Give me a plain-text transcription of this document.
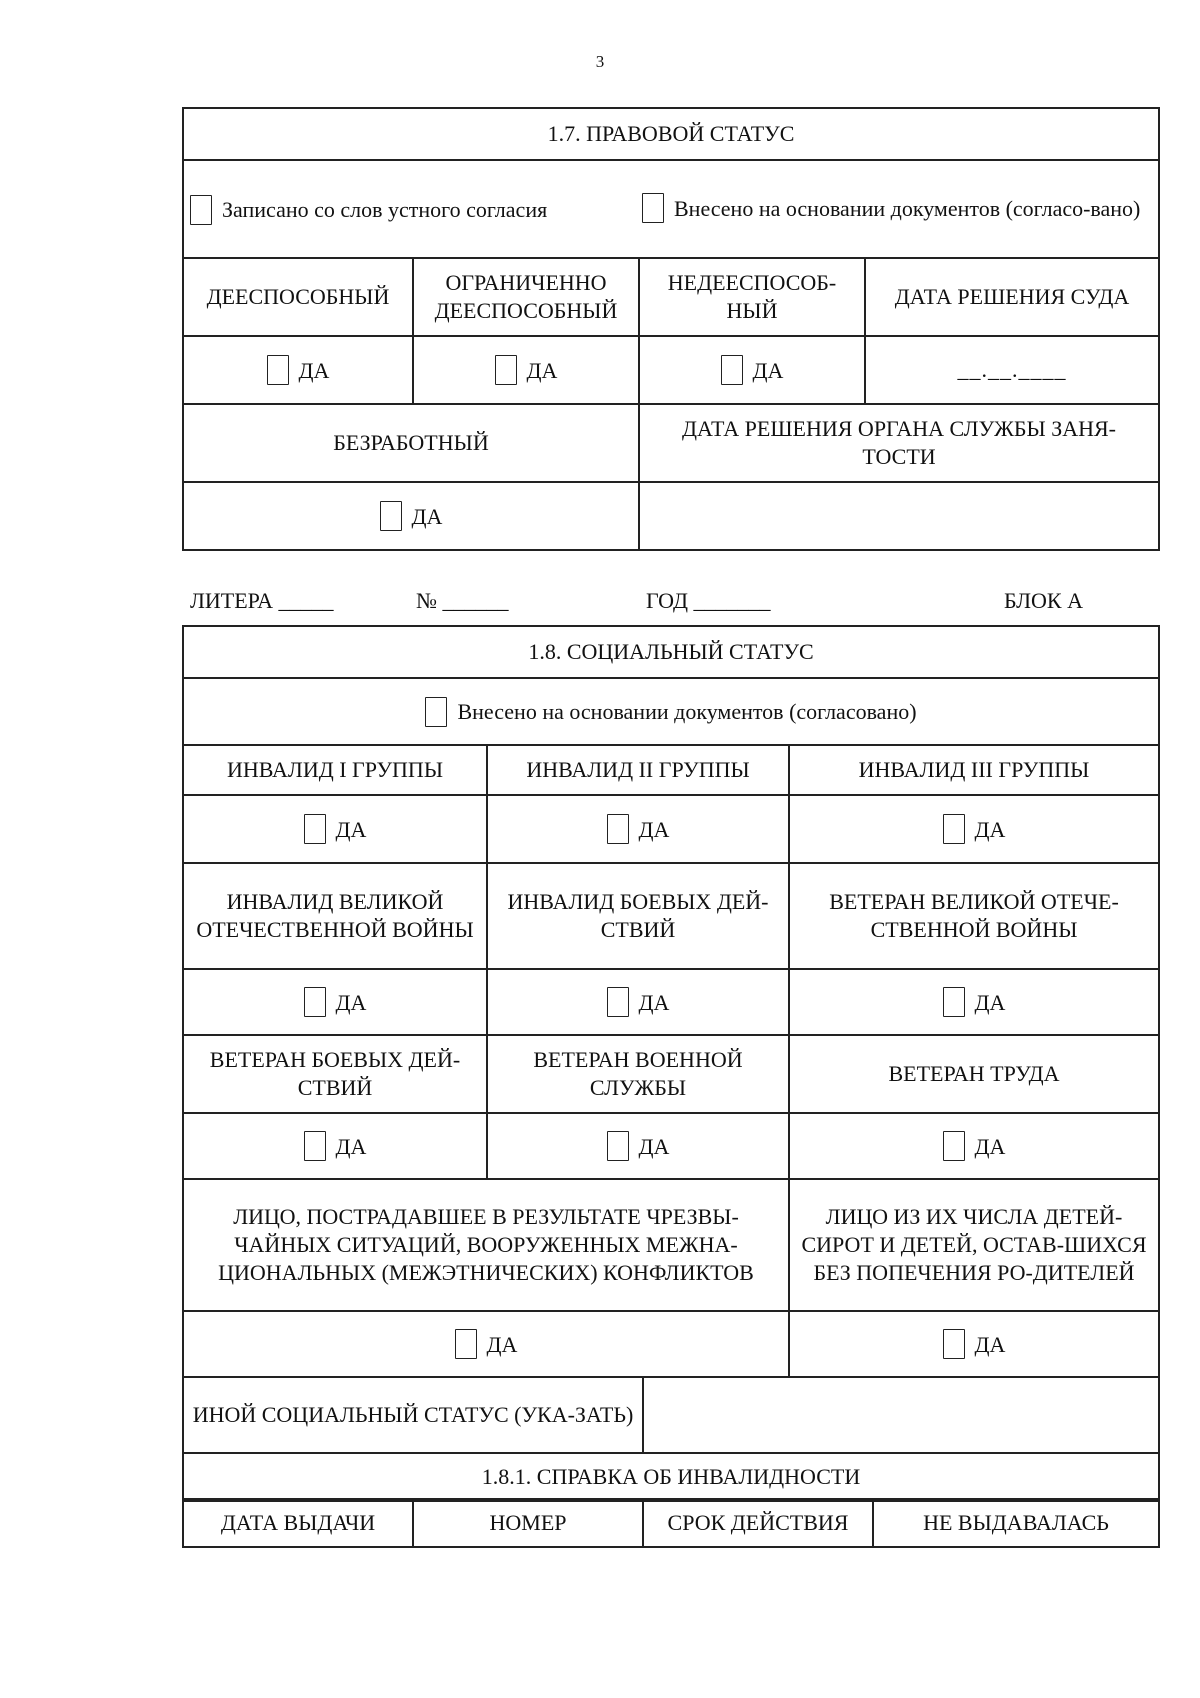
3
1.7. ПРАВОВОЙ СТАТУС			

Записано со слов устного согласия Внесено на основании документов (согласо-вано)			

ДЕЕСПОСОБНЫЙ	ОГРАНИЧЕННО ДЕЕСПОСОБНЫЙ	НЕДЕЕСПОСОБ-НЫЙ	ДАТА РЕШЕНИЯ СУДА
ДА	ДА	ДА	__.__.____
БЕЗРАБОТНЫЙ		ДАТА РЕШЕНИЯ ОРГАНА СЛУЖБЫ ЗАНЯ-ТОСТИ	
ДА			
ЛИТЕРА _____	№ ______	ГОД _______	БЛОК А
1.8. СОЦИАЛЬНЫЙ СТАТУС
Внесено на основании документов (согласовано)
ИНВАЛИД I ГРУППЫ	ИНВАЛИД II ГРУППЫ	ИНВАЛИД III ГРУППЫ
ДА	ДА	ДА
ИНВАЛИД ВЕЛИКОЙ ОТЕЧЕСТВЕННОЙ ВОЙНЫ	ИНВАЛИД БОЕВЫХ ДЕЙ-СТВИЙ	ВЕТЕРАН ВЕЛИКОЙ ОТЕЧЕ-СТВЕННОЙ ВОЙНЫ
ДА	ДА	ДА
ВЕТЕРАН БОЕВЫХ ДЕЙ-СТВИЙ	ВЕТЕРАН ВОЕННОЙ СЛУЖБЫ	ВЕТЕРАН ТРУДА
ДА	ДА	ДА
ЛИЦО, ПОСТРАДАВШЕЕ В РЕЗУЛЬТАТЕ ЧРЕЗВЫ-ЧАЙНЫХ СИТУАЦИЙ, ВООРУЖЕННЫХ МЕЖНА-ЦИОНАЛЬНЫХ (МЕЖЭТНИЧЕСКИХ) КОНФЛИКТОВ		ЛИЦО ИЗ ИХ ЧИСЛА ДЕТЕЙ-СИРОТ И ДЕТЕЙ, ОСТАВ-ШИХСЯ БЕЗ ПОПЕЧЕНИЯ РО-ДИТЕЛЕЙ
ДА		ДА
ИНОЙ СОЦИАЛЬНЫЙ СТАТУС (УКА-ЗАТЬ)	
1.8.1. СПРАВКА ОБ ИНВАЛИДНОСТИ
ДАТА ВЫДАЧИ	НОМЕР	СРОК ДЕЙСТВИЯ	НЕ ВЫДАВАЛАСЬ
